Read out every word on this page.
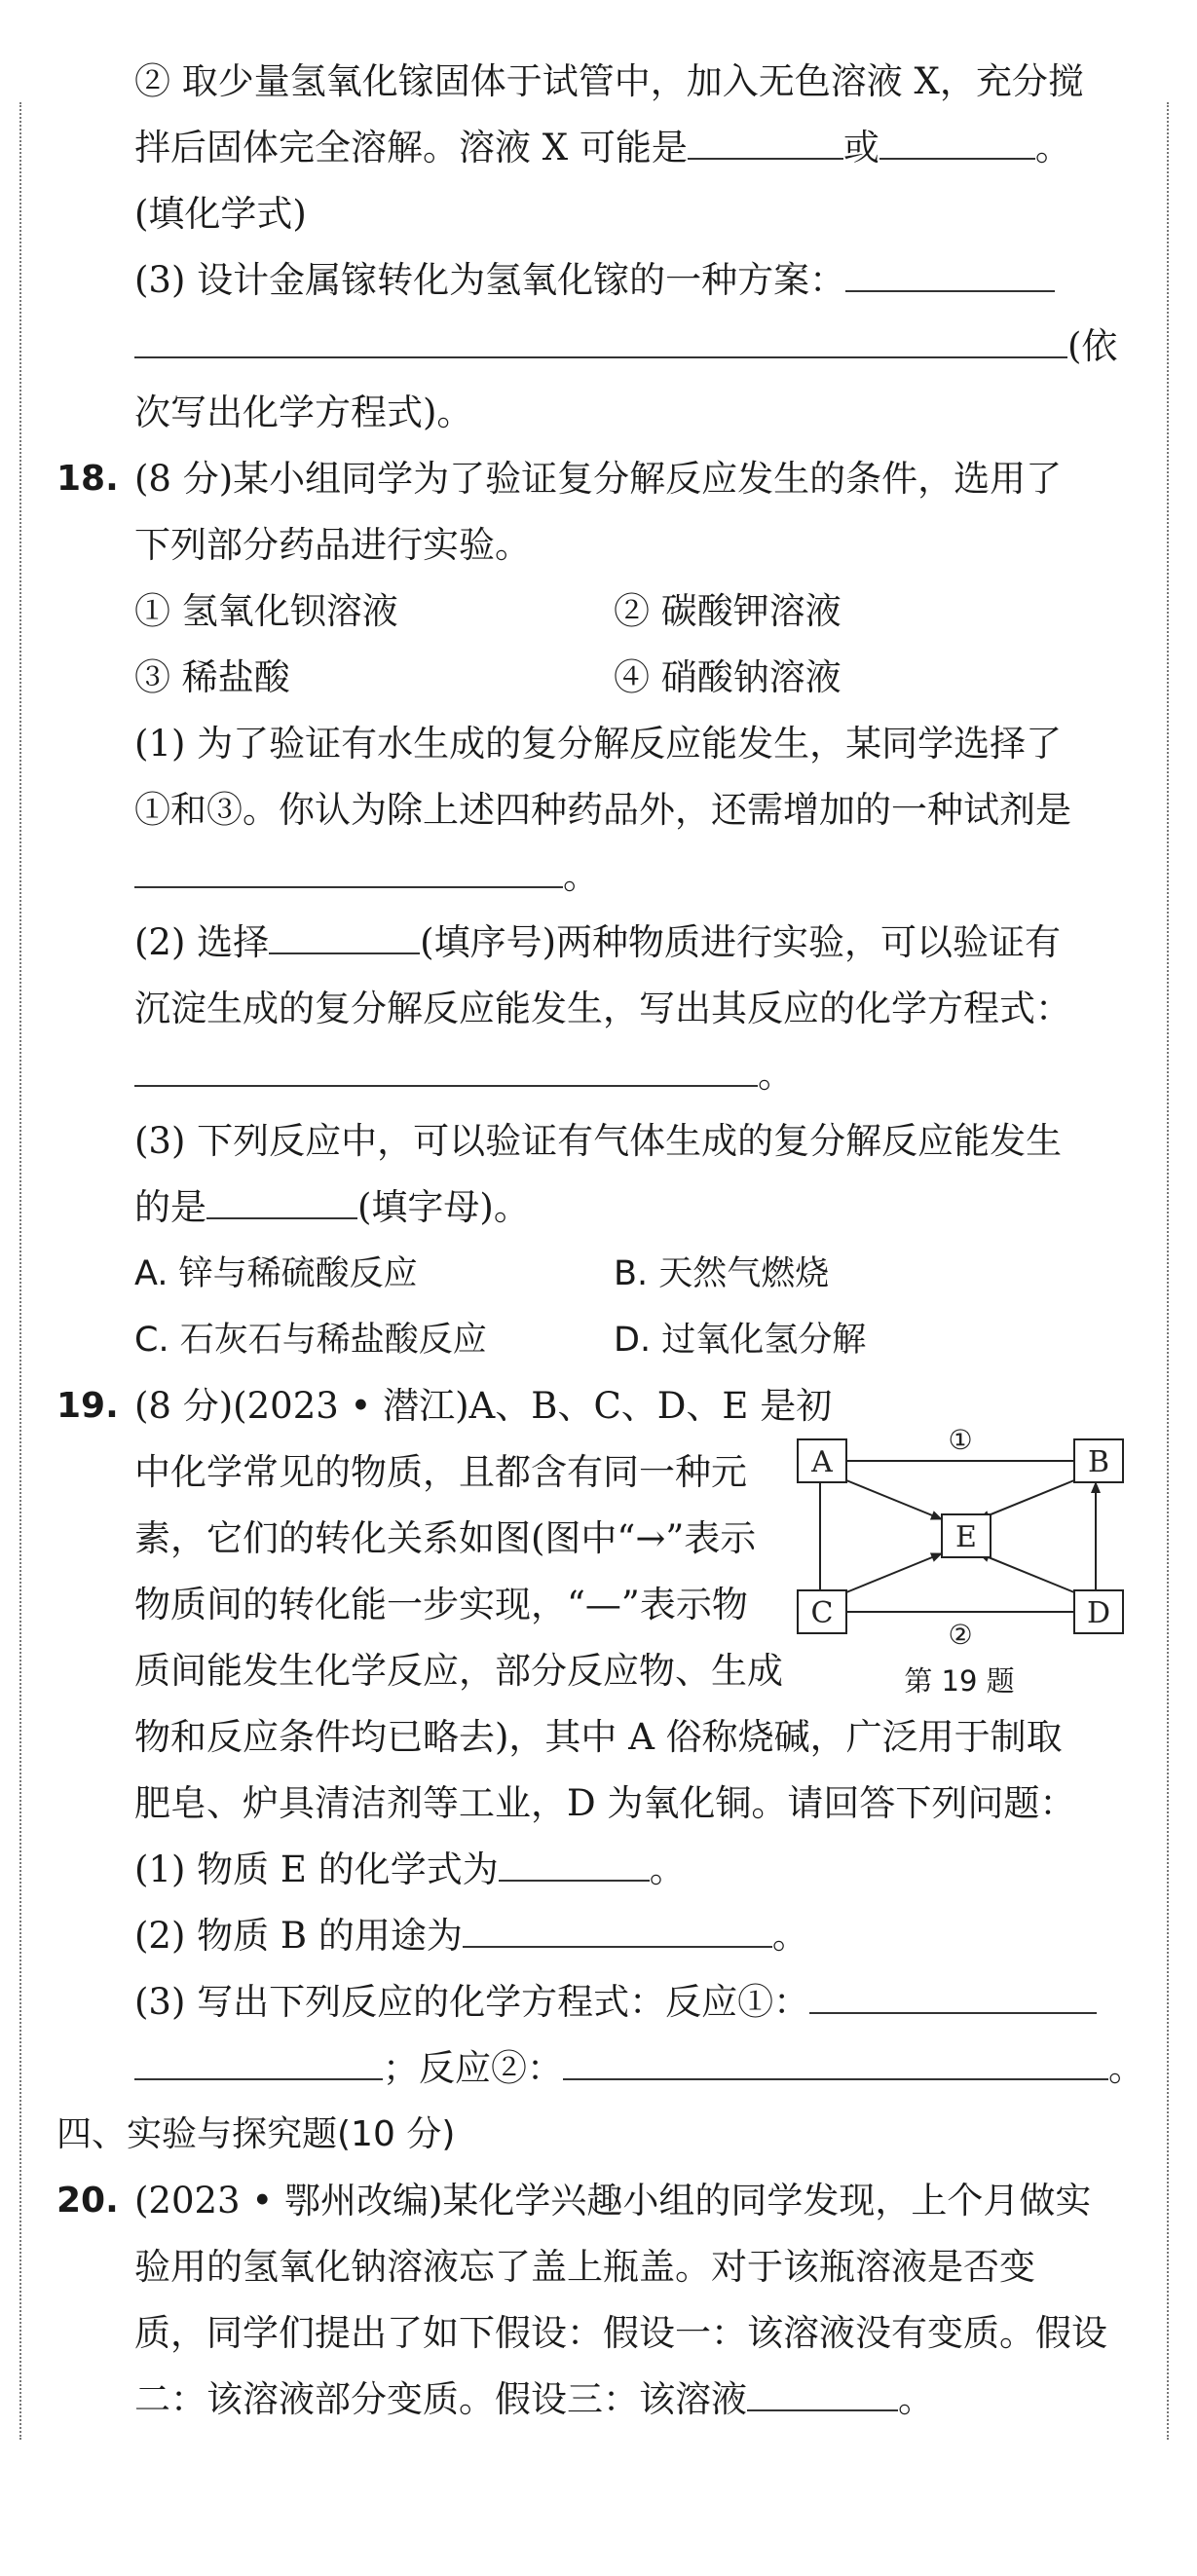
② 取少量氢氧化镓固体于试管中，加入无色溶液 X，充分搅
拌后固体完全溶解。溶液 X 可能是	或	。
(填化学式)
(3) 设计金属镓转化为氢氧化镓的一种方案：
(依
次写出化学方程式)。
18. (8 分)某小组同学为了验证复分解反应发生的条件，选用了
下列部分药品进行实验。
① 氢氧化钡溶液	② 碳酸钾溶液
③ 稀盐酸	④ 硝酸钠溶液
(1) 为了验证有水生成的复分解反应能发生，某同学选择了
①和③。你认为除上述四种药品外，还需增加的一种试剂是
。
(2) 选择	(填序号)两种物质进行实验，可以验证有
沉淀生成的复分解反应能发生，写出其反应的化学方程式：
。
(3) 下列反应中，可以验证有气体生成的复分解反应能发生
的是	(填字母)。
A. 锌与稀硫酸反应	B. 天然气燃烧
C. 石灰石与稀盐酸反应	D. 过氧化氢分解
19. (8 分)(2023 • 潜江)A、B、C、D、E 是初
中化学常见的物质，且都含有同一种元
素，它们的转化关系如图(图中“→”表示
物质间的转化能一步实现，“—”表示物
质间能发生化学反应，部分反应物、生成
物和反应条件均已略去)，其中 A 俗称烧碱，广泛用于制取
肥皂、炉具清洁剂等工业，D 为氧化铜。请回答下列问题：
(1) 物质 E 的化学式为	。
(2) 物质 B 的用途为	。
(3) 写出下列反应的化学方程式：反应①：
；反应②：	。
四、实验与探究题(10 分)
20. (2023 • 鄂州改编)某化学兴趣小组的同学发现，上个月做实
验用的氢氧化钠溶液忘了盖上瓶盖。对于该瓶溶液是否变
质，同学们提出了如下假设：假设一：该溶液没有变质。假设
二：该溶液部分变质。假设三：该溶液	。
A	B
C	D
E
①
②
第 19 题
